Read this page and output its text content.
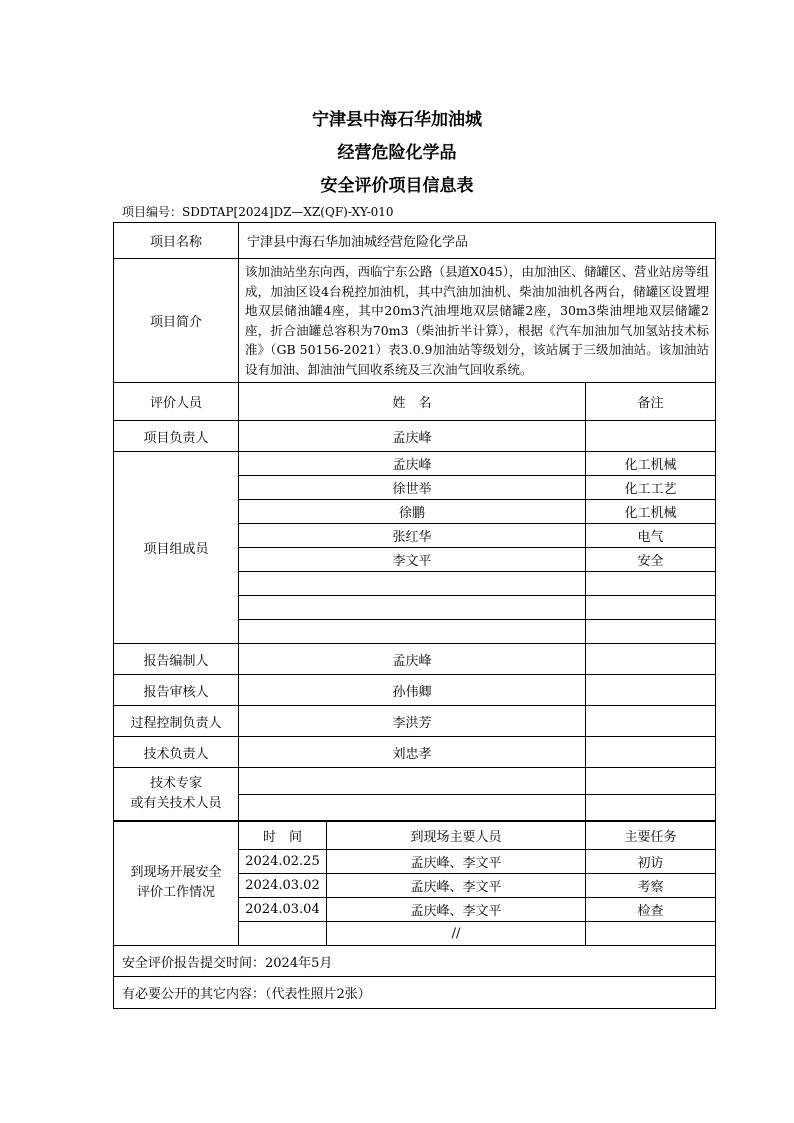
宁津县中海石华加油城
经营危险化学品
安全评价项目信息表
项目编号：SDDTAP[2024]DZ—XZ(QF)-XY-010
项目名称	宁津县中海石华加油城经营危险化学品		
项目简介	该加油站坐东向西，西临宁东公路（县道X045），由加油区、储罐区、营业站房等组成，加油区设4台税控加油机，其中汽油加油机、柴油加油机各两台，储罐区设置埋地双层储油罐4座，其中20m3汽油埋地双层储罐2座，30m3柴油埋地双层储罐2座，折合油罐总容积为70m3（柴油折半计算），根据《汽车加油加气加氢站技术标准》（GB 50156-2021）表3.0.9加油站等级划分，该站属于三级加油站。该加油站设有加油、卸油油气回收系统及三次油气回收系统。		
评价人员	姓　名		备注
项目负责人	孟庆峰		
项目组成员	孟庆峰		化工机械
	徐世举		化工工艺
	徐鹏		化工机械
	张红华		电气
	李文平		安全

报告编制人	孟庆峰		
报告审核人	孙伟卿		
过程控制负责人	李洪芳		
技术负责人	刘忠孝		
技术专家
或有关技术人员			

到现场开展安全
评价工作情况	时　间	到现场主要人员	主要任务
	2024.02.25	孟庆峰、李文平	初访
	2024.03.02	孟庆峰、李文平	考察
	2024.03.04	孟庆峰、李文平	检查
		//	
安全评价报告提交时间：2024年5月			
有必要公开的其它内容：（代表性照片2张）			
